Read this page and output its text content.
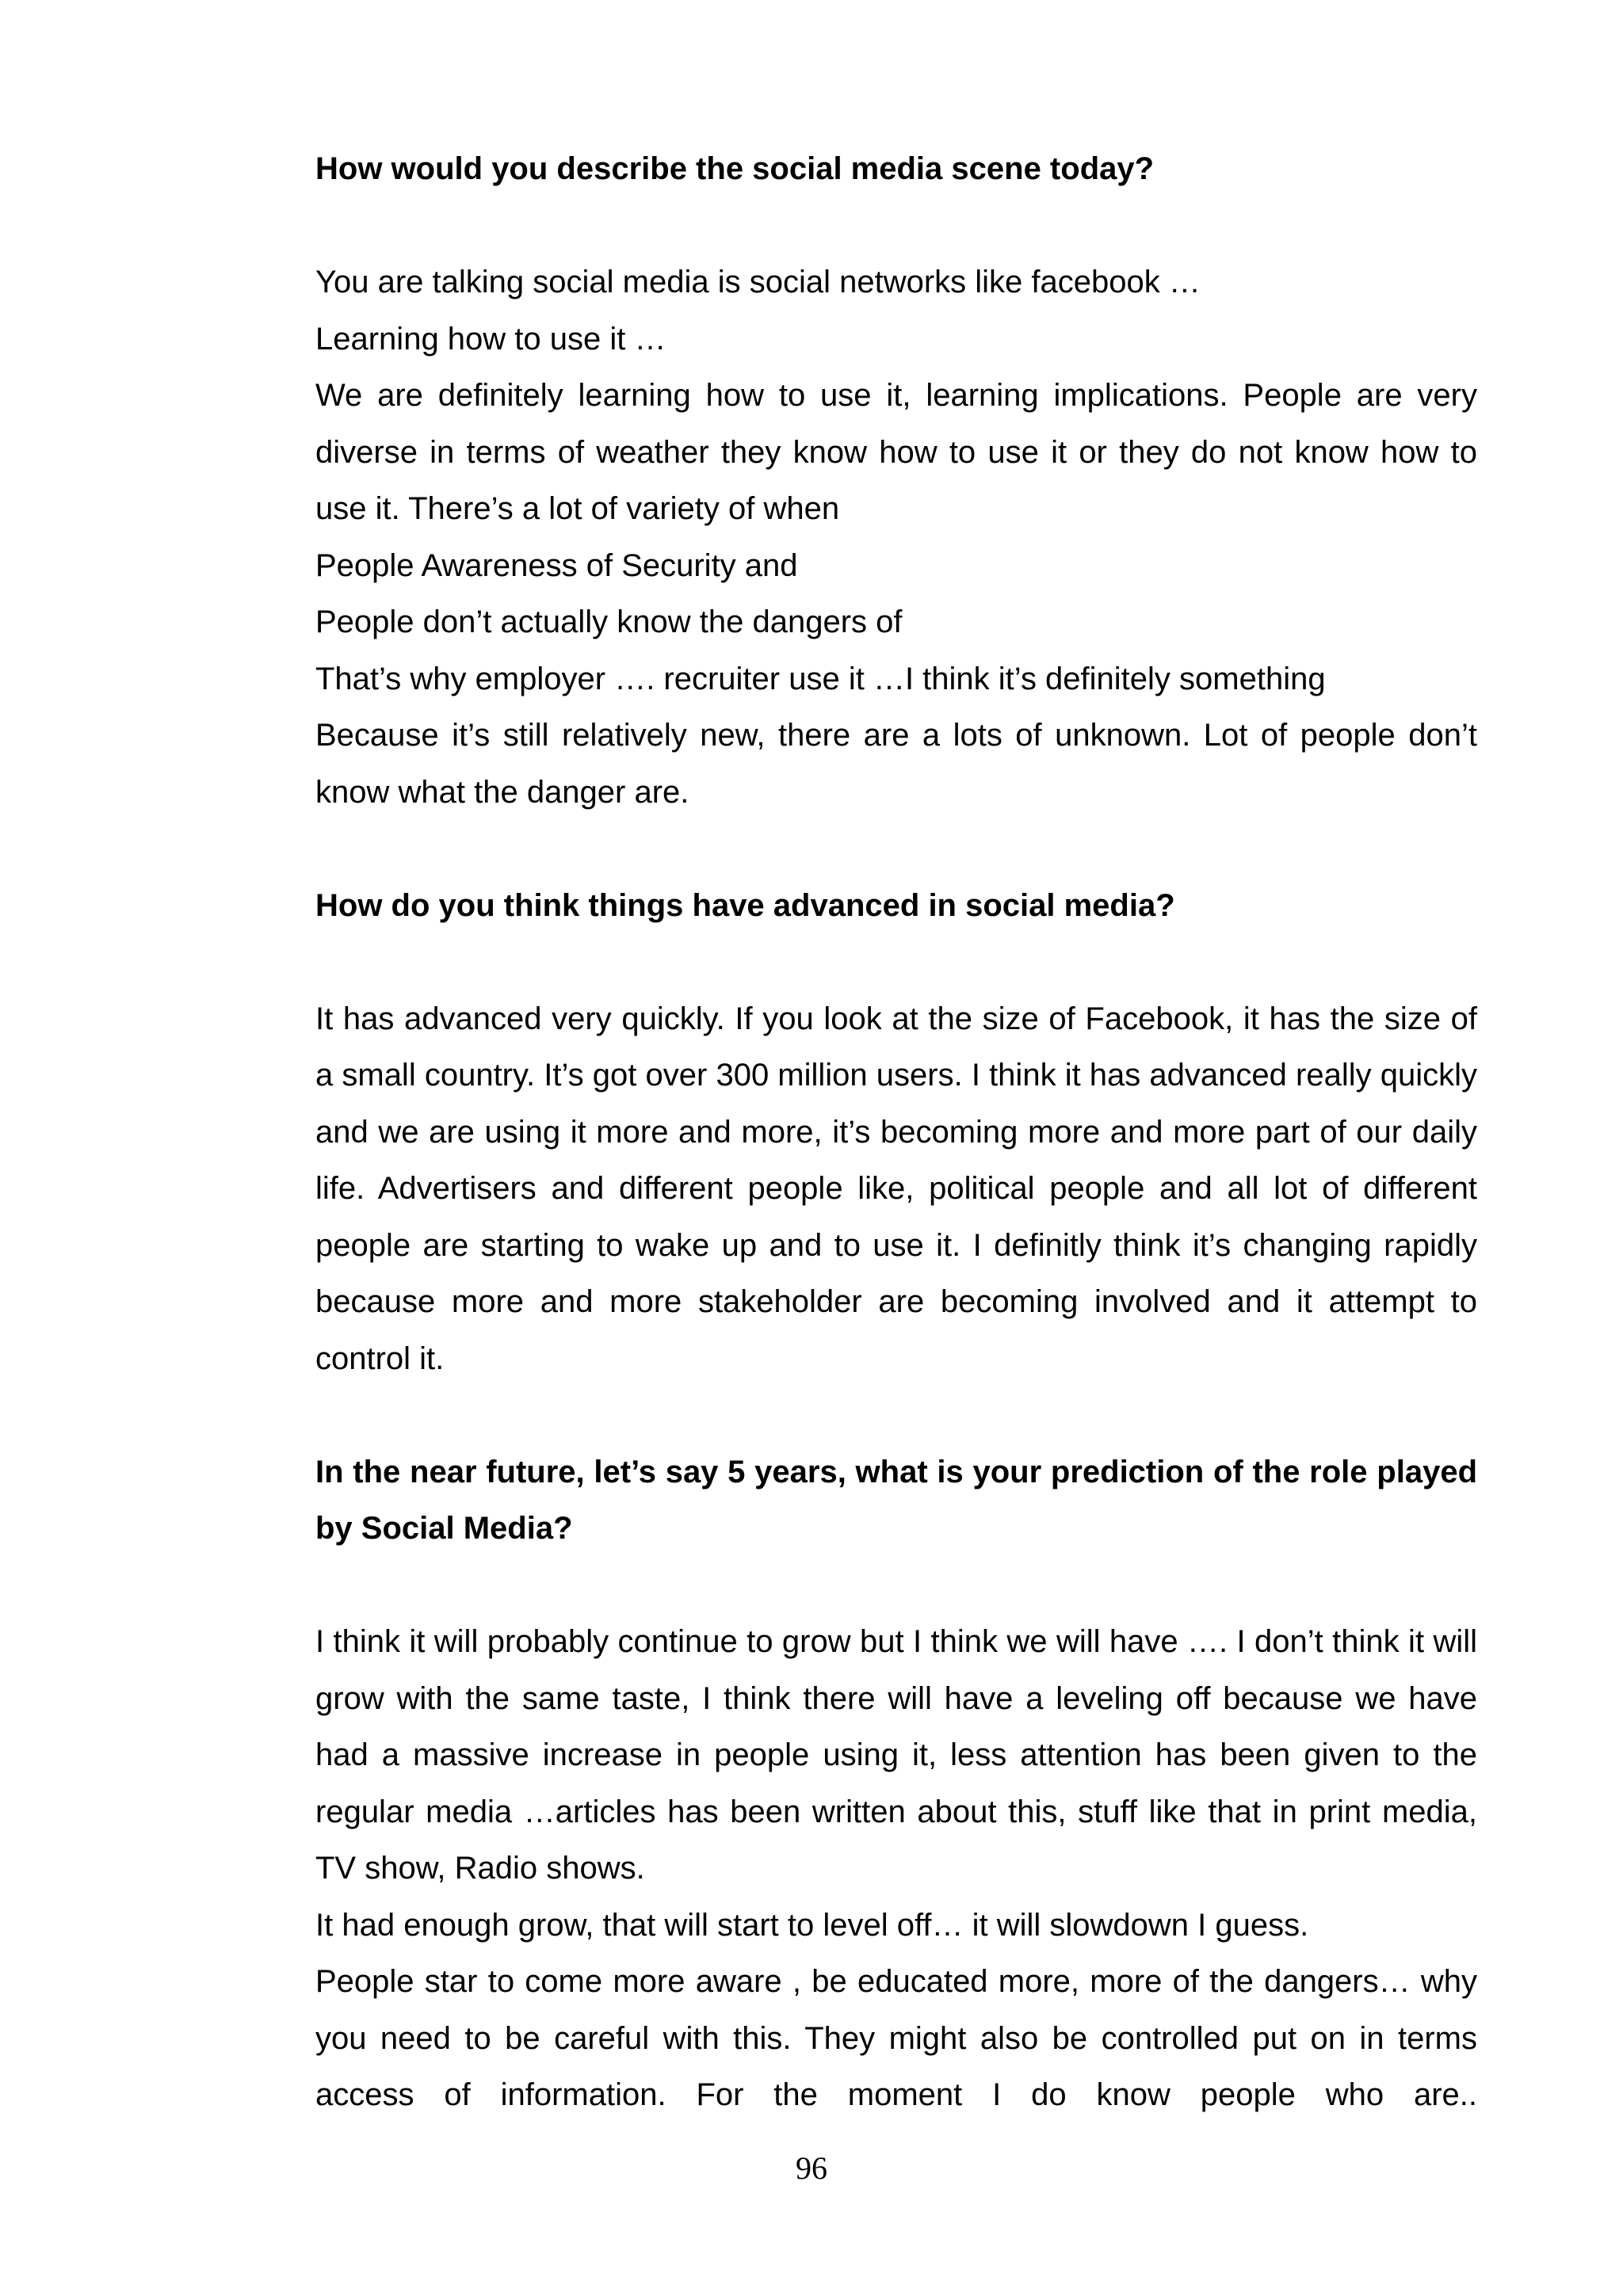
How would you describe the social media scene today?

You are talking social media is social networks like facebook …
Learning how to use it …

We are definitely learning how to use it, learning implications. People are very diverse in terms of weather they know how to use it or they do not know how to use it. There’s a lot of variety of when

People Awareness of Security and
People don’t actually know the dangers of
That’s why employer …. recruiter use it …I think it’s definitely something

Because it’s still relatively new, there are a lots of unknown. Lot of people don’t know what the danger are.

How do you think things have advanced in social media?

It has advanced very quickly. If you look at the size of Facebook, it has the size of a small country. It’s got over 300 million users. I think it has advanced really quickly and we are using it more and more, it’s becoming more and more part of our daily life. Advertisers and different people like, political people and all lot of different people are starting to wake up and to use it. I definitly think it’s changing rapidly because more and more stakeholder are becoming involved and it attempt to control it.

In the near future, let’s say 5 years, what is your prediction of the role played by Social Media?

I think it will probably continue to grow but I think we will have …. I don’t think it will grow with the same taste, I think there will have a leveling off because we have had a massive increase in people using it, less attention has been given to the regular media …articles has been written about this, stuff like that in print media, TV show, Radio shows.

It had enough grow, that will start to level off… it will slowdown I guess.

People star to come more aware , be educated more, more of the dangers… why you need to be careful with this. They might also be controlled put on in terms access of information. For the moment I do know people who are..

96
